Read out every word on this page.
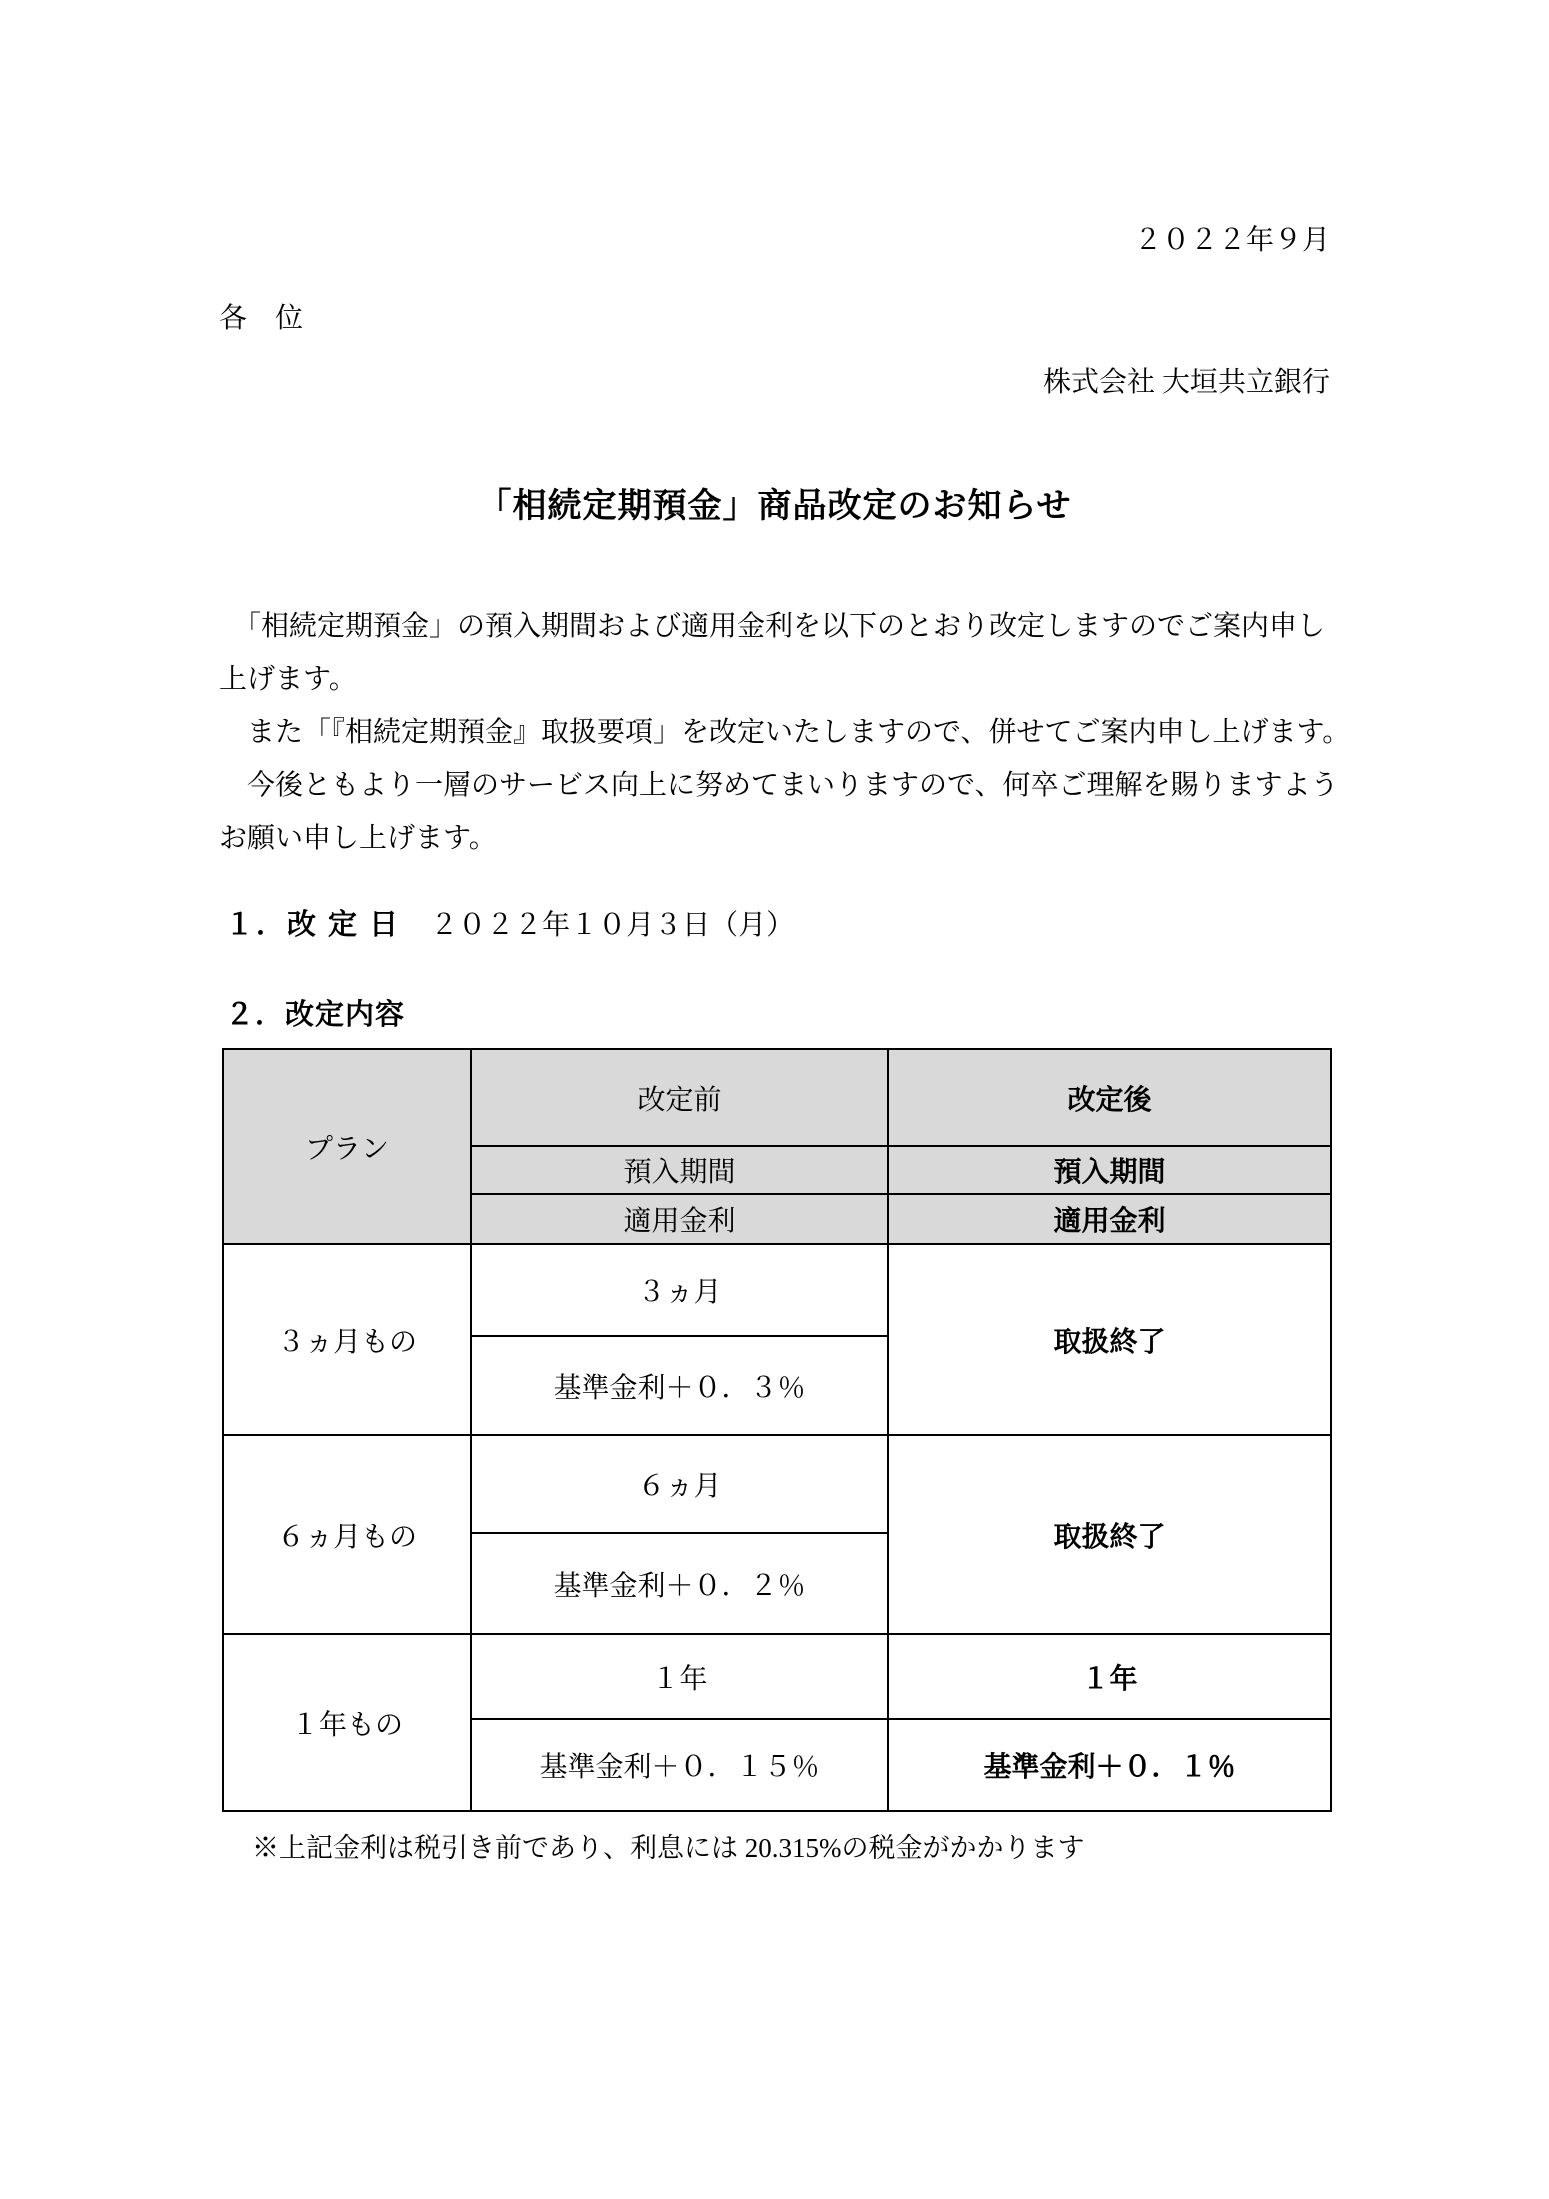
２０２２年９月
各　位
株式会社 大垣共立銀行
「相続定期預金」商品改定のお知らせ
　「相続定期預金」の預入期間および適用金利を以下のとおり改定しますのでご案内申し
上げます。
　また「『相続定期預金』取扱要項」を改定いたしますので、併せてご案内申し上げます。
　今後ともより一層のサービス向上に努めてまいりますので、何卒ご理解を賜りますよう
お願い申し上げます。
１．改 定 日 ２０２２年１０月３日（月）
２．改定内容
プラン	改定前	改定後
	預入期間	預入期間
	適用金利	適用金利
３ヵ月もの	３ヵ月	取扱終了
	基準金利＋０．３％	
６ヵ月もの	６ヵ月	取扱終了
	基準金利＋０．２％	
１年もの	１年	１年
	基準金利＋０．１５％	基準金利＋０．１％
※上記金利は税引き前であり、利息には 20.315%の税金がかかります
